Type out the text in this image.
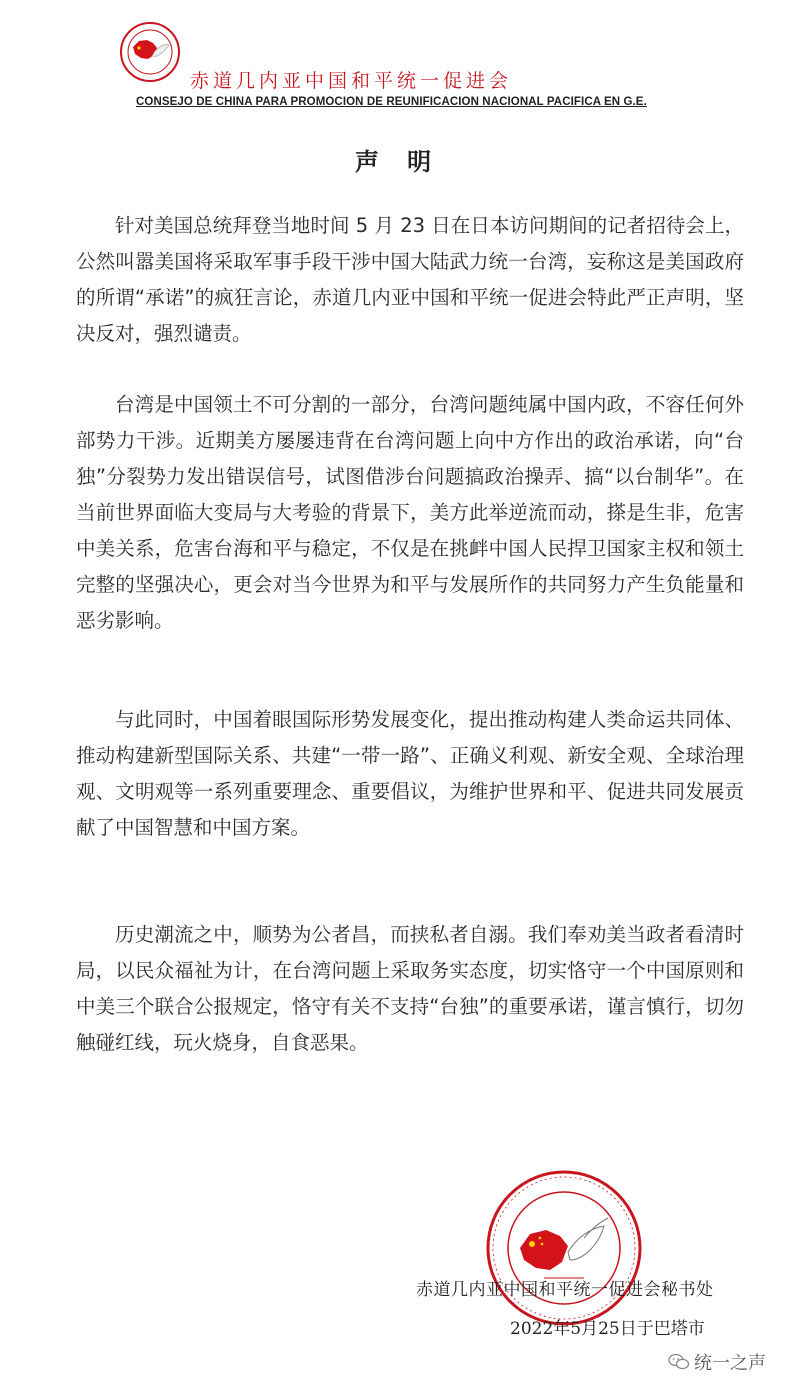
赤道几内亚中国和平统一促进会
CONSEJO DE CHINA PARA PROMOCION DE REUNIFICACION NACIONAL PACIFICA EN G.E.
声 明

针对美国总统拜登当地时间 5 月 23 日在日本访问期间的记者招待会上，公然叫嚣美国将采取军事手段干涉中国大陆武力统一台湾，妄称这是美国政府的所谓“承诺”的疯狂言论，赤道几内亚中国和平统一促进会特此严正声明，坚决反对，强烈谴责。

台湾是中国领土不可分割的一部分，台湾问题纯属中国内政，不容任何外部势力干涉。近期美方屡屡违背在台湾问题上向中方作出的政治承诺，向“台独”分裂势力发出错误信号，试图借涉台问题搞政治操弄、搞“以台制华”。在当前世界面临大变局与大考验的背景下，美方此举逆流而动，搽是生非，危害中美关系，危害台海和平与稳定，不仅是在挑衅中国人民捍卫国家主权和领土完整的坚强决心，更会对当今世界为和平与发展所作的共同努力产生负能量和恶劣影响。

与此同时，中国着眼国际形势发展变化，提出推动构建人类命运共同体、推动构建新型国际关系、共建“一带一路”、正确义利观、新安全观、全球治理观、文明观等一系列重要理念、重要倡议，为维护世界和平、促进共同发展贡献了中国智慧和中国方案。

历史潮流之中，顺势为公者昌，而挟私者自溺。我们奉劝美当政者看清时局，以民众福祉为计，在台湾问题上采取务实态度，切实恪守一个中国原则和中美三个联合公报规定，恪守有关不支持“台独”的重要承诺，谨言慎行，切勿触碰红线，玩火烧身，自食恶果。

赤道几内亚中国和平统一促进会秘书处
2022年5月25日于巴塔市
统一之声
